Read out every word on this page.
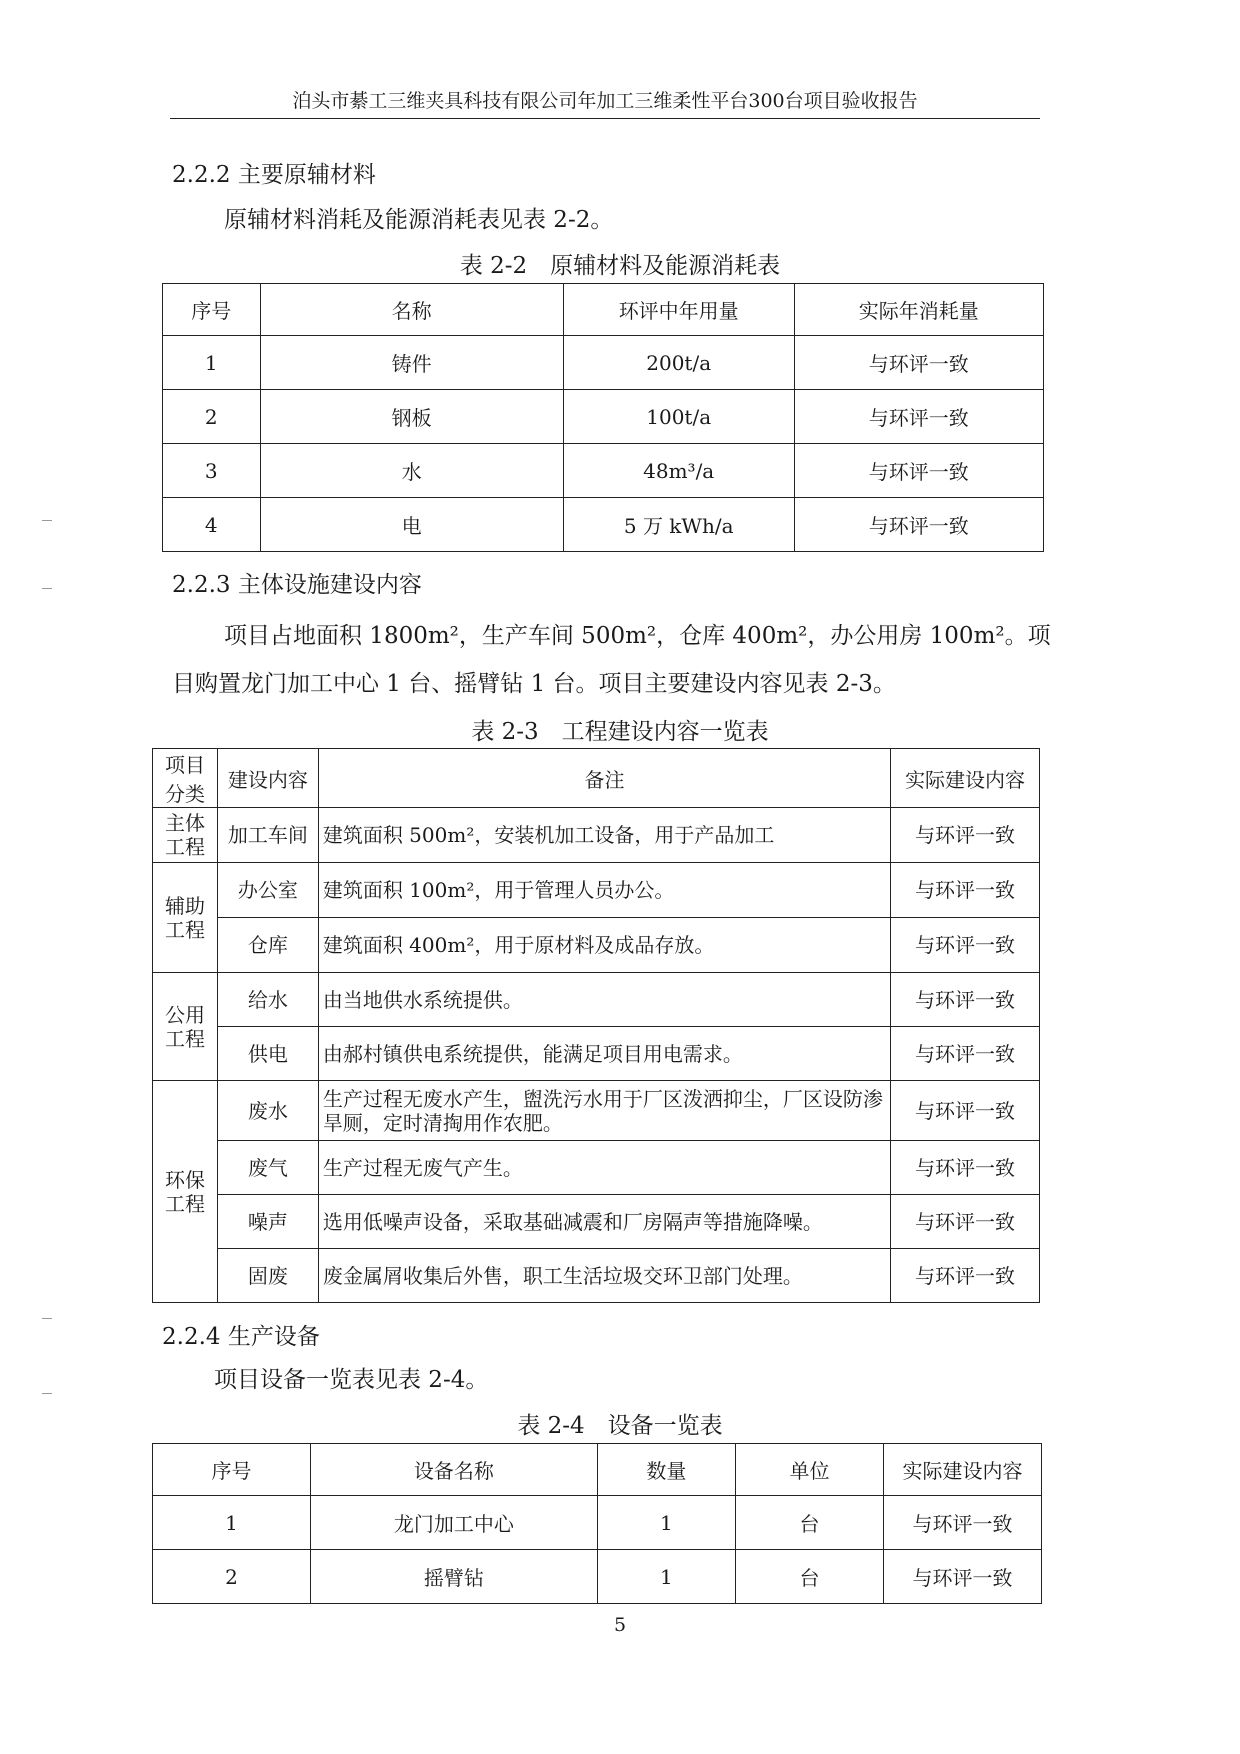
泊头市綦工三维夹具科技有限公司年加工三维柔性平台300台项目验收报告
2.2.2 主要原辅材料
原辅材料消耗及能源消耗表见表 2-2。
表 2-2　原辅材料及能源消耗表
序号	名称	环评中年用量	实际年消耗量
1	铸件	200t/a	与环评一致
2	钢板	100t/a	与环评一致
3	水	48m³/a	与环评一致
4	电	5 万 kWh/a	与环评一致
2.2.3 主体设施建设内容
项目占地面积 1800m²，生产车间 500m²，仓库 400m²，办公用房 100m²。项
目购置龙门加工中心 1 台、摇臂钻 1 台。项目主要建设内容见表 2-3。
表 2-3　工程建设内容一览表
项目分类	建设内容	备注	实际建设内容
主体工程	加工车间	建筑面积 500m²，安装机加工设备，用于产品加工	与环评一致
辅助工程	办公室	建筑面积 100m²，用于管理人员办公。	与环评一致
	仓库	建筑面积 400m²，用于原材料及成品存放。	与环评一致
公用工程	给水	由当地供水系统提供。	与环评一致
	供电	由郝村镇供电系统提供，能满足项目用电需求。	与环评一致
环保工程	废水	生产过程无废水产生，盥洗污水用于厂区泼洒抑尘，厂区设防渗旱厕，定时清掏用作农肥。	与环评一致
	废气	生产过程无废气产生。	与环评一致
	噪声	选用低噪声设备，采取基础减震和厂房隔声等措施降噪。	与环评一致
	固废	废金属屑收集后外售，职工生活垃圾交环卫部门处理。	与环评一致
2.2.4 生产设备
项目设备一览表见表 2-4。
表 2-4　设备一览表
序号	设备名称	数量	单位	实际建设内容
1	龙门加工中心	1	台	与环评一致
2	摇臂钻	1	台	与环评一致
5
